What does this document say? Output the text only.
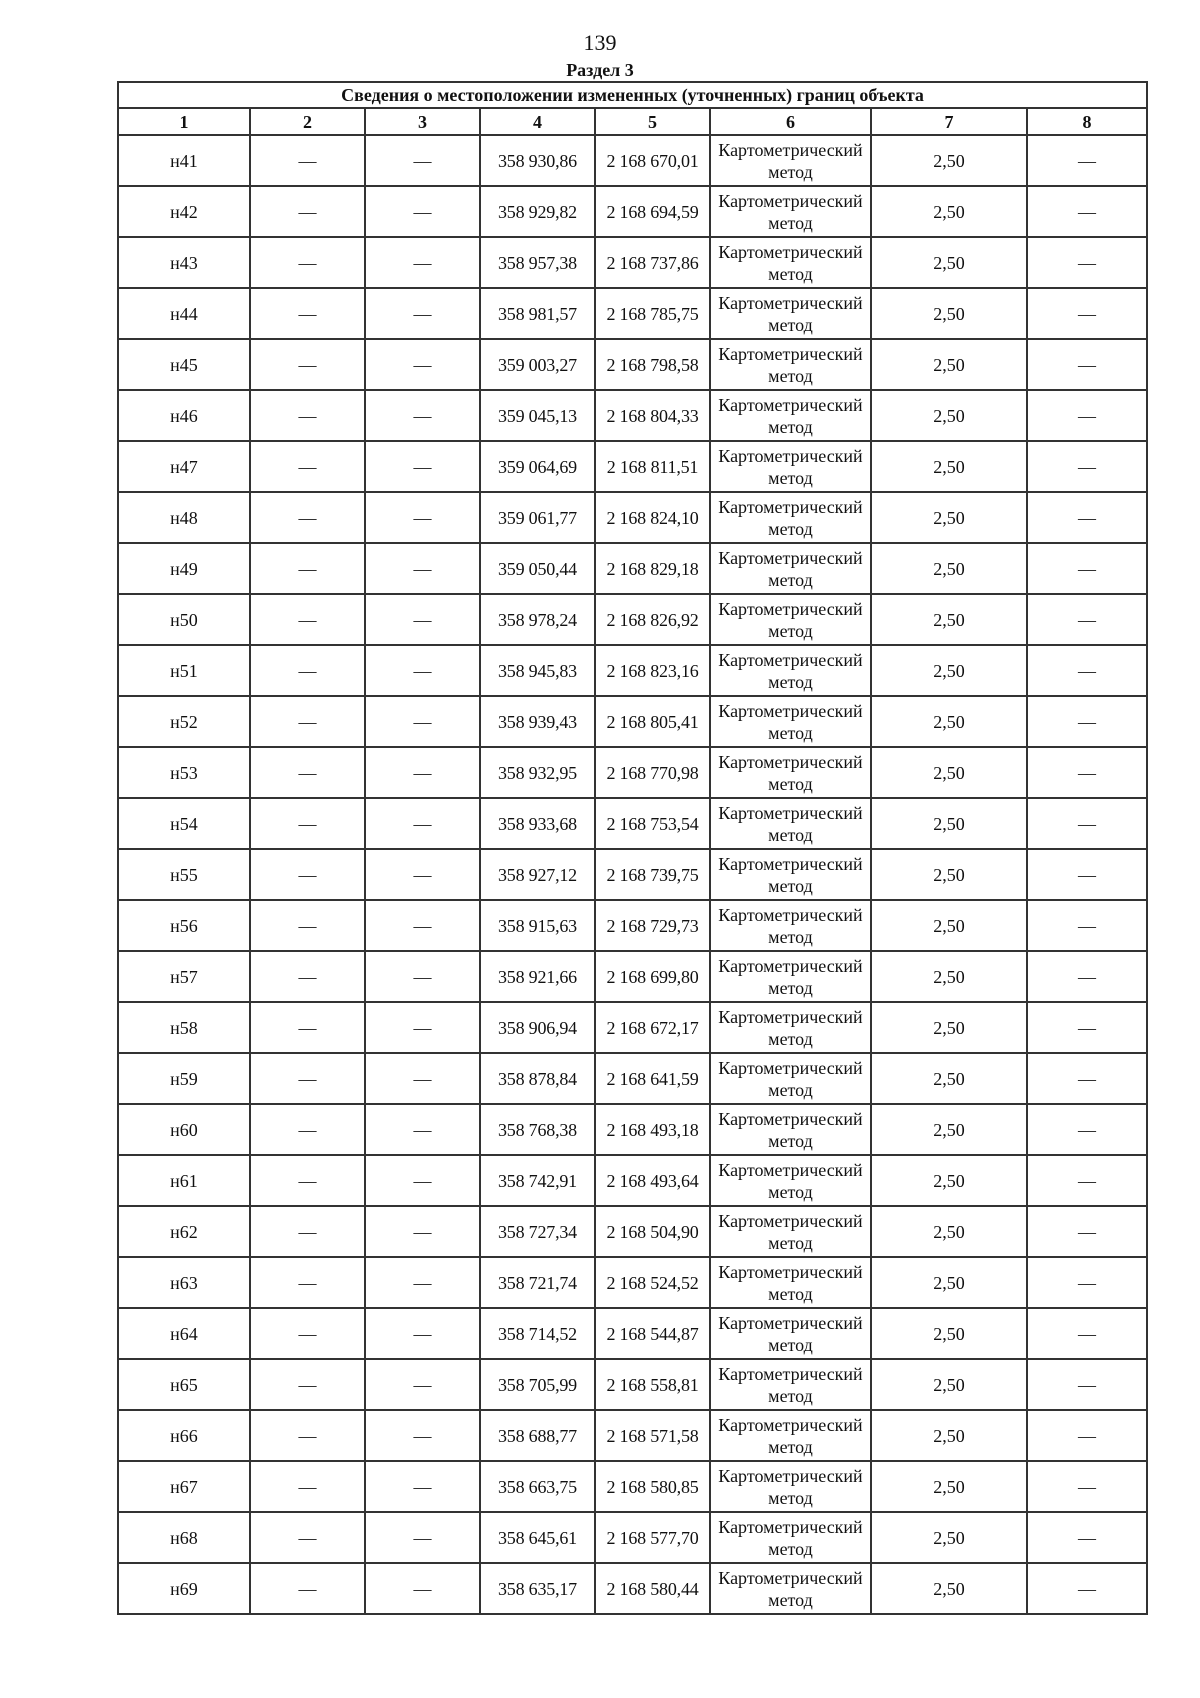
139
Раздел 3
Сведения о местоположении измененных (уточненных) границ объекта							
1	2	3	4	5	6	7	8
н41	—	—	358 930,86	2 168 670,01	Картометрический метод	2,50	—
н42	—	—	358 929,82	2 168 694,59	Картометрический метод	2,50	—
н43	—	—	358 957,38	2 168 737,86	Картометрический метод	2,50	—
н44	—	—	358 981,57	2 168 785,75	Картометрический метод	2,50	—
н45	—	—	359 003,27	2 168 798,58	Картометрический метод	2,50	—
н46	—	—	359 045,13	2 168 804,33	Картометрический метод	2,50	—
н47	—	—	359 064,69	2 168 811,51	Картометрический метод	2,50	—
н48	—	—	359 061,77	2 168 824,10	Картометрический метод	2,50	—
н49	—	—	359 050,44	2 168 829,18	Картометрический метод	2,50	—
н50	—	—	358 978,24	2 168 826,92	Картометрический метод	2,50	—
н51	—	—	358 945,83	2 168 823,16	Картометрический метод	2,50	—
н52	—	—	358 939,43	2 168 805,41	Картометрический метод	2,50	—
н53	—	—	358 932,95	2 168 770,98	Картометрический метод	2,50	—
н54	—	—	358 933,68	2 168 753,54	Картометрический метод	2,50	—
н55	—	—	358 927,12	2 168 739,75	Картометрический метод	2,50	—
н56	—	—	358 915,63	2 168 729,73	Картометрический метод	2,50	—
н57	—	—	358 921,66	2 168 699,80	Картометрический метод	2,50	—
н58	—	—	358 906,94	2 168 672,17	Картометрический метод	2,50	—
н59	—	—	358 878,84	2 168 641,59	Картометрический метод	2,50	—
н60	—	—	358 768,38	2 168 493,18	Картометрический метод	2,50	—
н61	—	—	358 742,91	2 168 493,64	Картометрический метод	2,50	—
н62	—	—	358 727,34	2 168 504,90	Картометрический метод	2,50	—
н63	—	—	358 721,74	2 168 524,52	Картометрический метод	2,50	—
н64	—	—	358 714,52	2 168 544,87	Картометрический метод	2,50	—
н65	—	—	358 705,99	2 168 558,81	Картометрический метод	2,50	—
н66	—	—	358 688,77	2 168 571,58	Картометрический метод	2,50	—
н67	—	—	358 663,75	2 168 580,85	Картометрический метод	2,50	—
н68	—	—	358 645,61	2 168 577,70	Картометрический метод	2,50	—
н69	—	—	358 635,17	2 168 580,44	Картометрический метод	2,50	—
